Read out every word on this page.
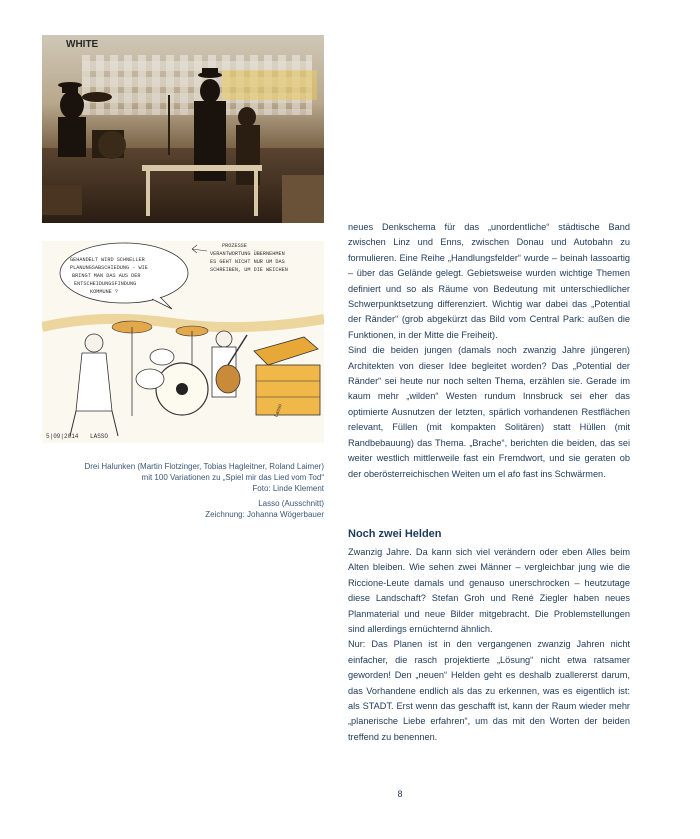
WHITE
GEHANDELT WIRD SCHNELLER
PLANUNGSABSCHIEDUNG - WIE
BRINGT MAN DAS AUS DER
ENTSCHEIDUNGSFINDUNG
KOMMUNE ?
PROZESSE
VERANTWORTUNG ÜBERNEHMEN
ES GEHT NICHT NUR UM DAS
SCHREIBEN, UM DIE WEICHEN
Lasso
5|09|2014 LASSO
Drei Halunken (Martin Flotzinger, Tobias Hagleitner, Roland Laimer)
mit 100 Variationen zu „Spiel mir das Lied vom Tod“
Foto: Linde Klement
Lasso (Ausschnitt)
Zeichnung: Johanna Wögerbauer

neues Denkschema für das „unordentliche“ städtische Band zwischen Linz und Enns, zwischen Donau und Autobahn zu formulieren. Eine Reihe „Handlungsfelder“ wurde – beinah lassoartig – über das Gelände gelegt. Gebietsweise wurden wichtige Themen definiert und so als Räume von Bedeutung mit unterschiedlicher Schwerpunktsetzung differenziert. Wichtig war dabei das „Potential der Ränder“ (grob abgekürzt das Bild vom Central Park: außen die Funktionen, in der Mitte die Freiheit).

Sind die beiden jungen (damals noch zwanzig Jahre jüngeren) Architekten von dieser Idee begleitet worden? Das „Potential der Ränder“ sei heute nur noch selten Thema, erzählen sie. Gerade im kaum mehr „wilden“ Westen rundum Innsbruck sei eher das optimierte Ausnutzen der letzten, spärlich vorhandenen Restflächen relevant, Füllen (mit kompakten Solitären) statt Hüllen (mit Randbebauung) das Thema. „Brache“, berichten die beiden, das sei weiter westlich mittlerweile fast ein Fremdwort, und sie geraten ob der oberösterreichischen Weiten um el afo fast ins Schwärmen.

Noch zwei Helden

Zwanzig Jahre. Da kann sich viel verändern oder eben Alles beim Alten bleiben. Wie sehen zwei Männer – vergleichbar jung wie die Riccione-Leute damals und genauso unerschrocken – heutzutage diese Landschaft? Stefan Groh und René Ziegler haben neues Planmaterial und neue Bilder mitgebracht. Die Problemstellungen sind allerdings ernüchternd ähnlich.

Nur: Das Planen ist in den vergangenen zwanzig Jahren nicht einfacher, die rasch projektierte „Lösung“ nicht etwa ratsamer geworden! Den „neuen“ Helden geht es deshalb zuallererst darum, das Vorhandene endlich als das zu erkennen, was es eigentlich ist: als STADT. Erst wenn das geschafft ist, kann der Raum wieder mehr „planerische Liebe erfahren“, um das mit den Worten der beiden treffend zu benennen.

8
